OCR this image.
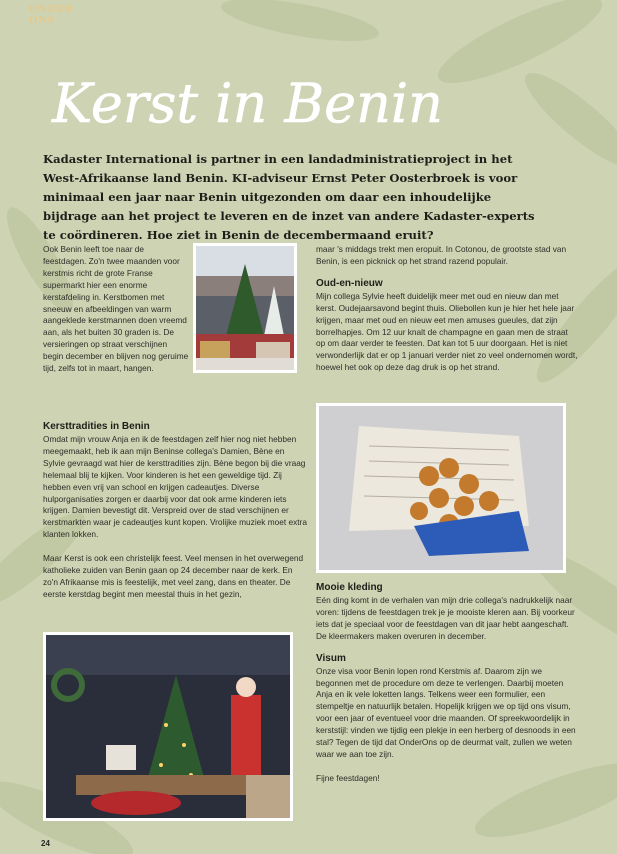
ONDER
ONS
Kerst in Benin

Kadaster International is partner in een landadministratieproject in het West-Afrikaanse land Benin. KI-adviseur Ernst Peter Oosterbroek is voor minimaal een jaar naar Benin uitgezonden om daar een inhoudelijke bijdrage aan het project te leveren en de inzet van andere Kadaster-experts te coördineren. Hoe ziet in Benin de decembermaand eruit?

Ook Benin leeft toe naar de feestdagen. Zo'n twee maanden voor kerstmis richt de grote Franse supermarkt hier een enorme kerstafdeling in. Kerstbomen met sneeuw en afbeeldingen van warm aangeklede kerstmannen doen vreemd aan, als het buiten 30 graden is. De versieringen op straat verschijnen begin december en blijven nog geruime tijd, zelfs tot in maart, hangen.

Kersttradities in Benin

Omdat mijn vrouw Anja en ik de feestdagen zelf hier nog niet hebben meegemaakt, heb ik aan mijn Beninse collega's Damien, Bène en Sylvie gevraagd wat hier de kersttradities zijn. Bène begon bij die vraag helemaal blij te kijken. Voor kinderen is het een geweldige tijd. Zij hebben even vrij van school en krijgen cadeautjes. Diverse hulporganisaties zorgen er daarbij voor dat ook arme kinderen iets krijgen. Damien bevestigt dit. Verspreid over de stad verschijnen er kerstmarkten waar je cadeautjes kunt kopen. Vrolijke muziek moet extra klanten lokken.

Maar Kerst is ook een christelijk feest. Veel mensen in het overwegend katholieke zuiden van Benin gaan op 24 december naar de kerk. En zo'n Afrikaanse mis is feestelijk, met veel zang, dans en theater. De eerste kerstdag begint men meestal thuis in het gezin,

maar 's middags trekt men eropuit. In Cotonou, de grootste stad van Benin, is een picknick op het strand razend populair.

Oud-en-nieuw

Mijn collega Sylvie heeft duidelijk meer met oud en nieuw dan met kerst. Oudejaarsavond begint thuis. Oliebollen kun je hier het hele jaar krijgen, maar met oud en nieuw eet men amuses gueules, dat zijn borrelhapjes. Om 12 uur knalt de champagne en gaan men de straat op om daar verder te feesten. Dat kan tot 5 uur doorgaan. Het is niet verwonderlijk dat er op 1 januari verder niet zo veel ondernomen wordt, hoewel het ook op deze dag druk is op het strand.

Mooie kleding

Eén ding komt in de verhalen van mijn drie collega's nadrukkelijk naar voren: tijdens de feestdagen trek je je mooiste kleren aan. Bij voorkeur iets dat je speciaal voor de feestdagen van dit jaar hebt aangeschaft. De kleermakers maken overuren in december.

Visum

Onze visa voor Benin lopen rond Kerstmis af. Daarom zijn we begonnen met de procedure om deze te verlengen. Daarbij moeten Anja en ik vele loketten langs. Telkens weer een formulier, een stempeltje en natuurlijk betalen. Hopelijk krijgen we op tijd ons visum, voor een jaar of eventueel voor drie maanden. Of spreekwoordelijk in kerststijl: vinden we tijdig een plekje in een herberg of desnoods in een stal? Tegen de tijd dat OnderOns op de deurmat valt, zullen we weten waar we aan toe zijn.

Fijne feestdagen!

24
